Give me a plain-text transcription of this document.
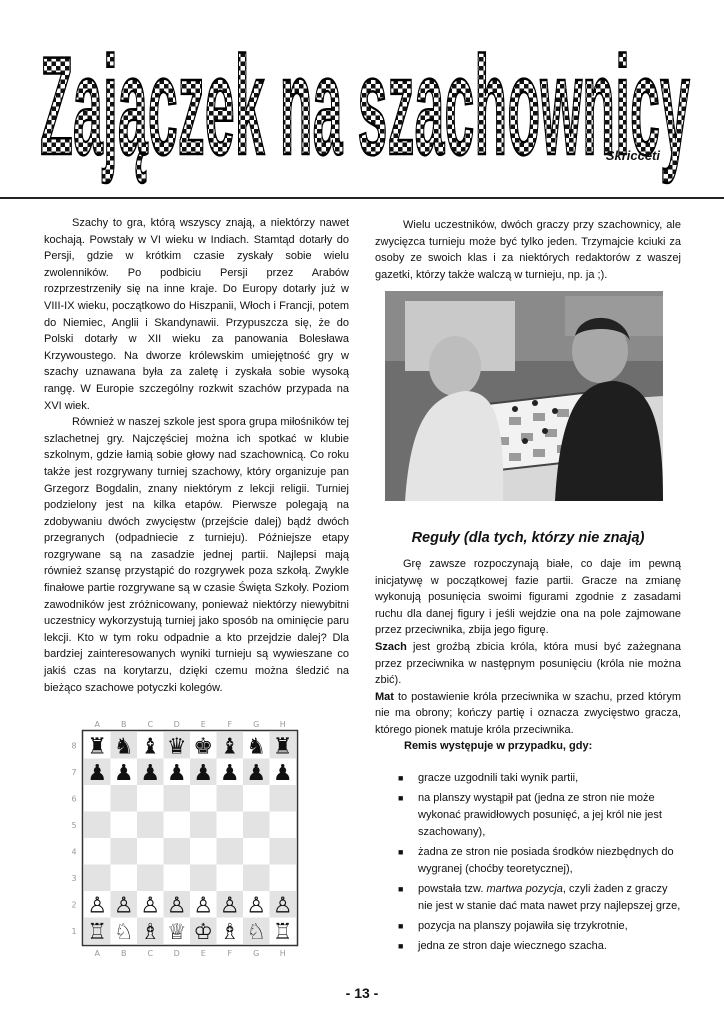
Zajączek na szachownicy
Skricceti

Szachy to gra, którą wszyscy znają, a niektórzy nawet kochają. Powstały w VI wieku w Indiach. Stamtąd dotarły do Persji, gdzie w krótkim czasie zyskały sobie wielu zwolenników. Po podbiciu Persji przez Arabów rozprzestrzeniły się na inne kraje. Do Europy dotarły już w VIII-IX wieku, początkowo do Hiszpanii, Włoch i Francji, potem do Niemiec, Anglii i Skandynawii. Przypuszcza się, że do Polski dotarły w XII wieku za panowania Bolesława Krzywoustego. Na dworze królewskim umiejętność gry w szachy uznawana była za zaletę i zyskała sobie wysoką rangę. W Europie szczególny rozkwit szachów przypada na XVI wiek.

Również w naszej szkole jest spora grupa miłośników tej szlachetnej gry. Najczęściej można ich spotkać w klubie szkolnym, gdzie łamią sobie głowy nad szachownicą. Co roku także jest rozgrywany turniej szachowy, który organizuje pan Grzegorz Bogdalin, znany niektórym z lekcji religii. Turniej podzielony jest na kilka etapów. Pierwsze polegają na zdobywaniu dwóch zwycięstw (przejście dalej) bądź dwóch przegranych (odpadniecie z turnieju). Późniejsze etapy rozgrywane są na zasadzie jednej partii. Najlepsi mają również szansę przystąpić do rozgrywek poza szkołą. Zwykle finałowe partie rozgrywane są w czasie Święta Szkoły. Poziom zawodników jest zróżnicowany, ponieważ niektórzy niewybitni uczestnicy wykorzystują turniej jako sposób na ominięcie paru lekcji. Kto w tym roku odpadnie a kto przejdzie dalej? Dla bardziej zainteresowanych wyniki turnieju są wywieszane co jakiś czas na korytarzu, dzięki czemu można śledzić na bieżąco szachowe potyczki kolegów.

A
A
B
B
C
C
D
D
E
E
F
F
G
G
H
H
8
7
6
5
4
3
2
1
♜ ♞ ♝ ♛ ♚ ♝ ♞ ♜
♟ ♟ ♟ ♟ ♟ ♟ ♟ ♟
♙ ♙ ♙ ♙ ♙ ♙ ♙ ♙
♖ ♘ ♗ ♕ ♔ ♗ ♘ ♖

Wielu uczestników, dwóch graczy przy szachownicy, ale zwycięzca turnieju może być tylko jeden. Trzymajcie kciuki za osoby ze swoich klas i za niektórych redaktorów z waszej gazetki, którzy także walczą w turnieju, np. ja ;).

Reguły (dla tych, którzy nie znają)

Grę zawsze rozpoczynają białe, co daje im pewną inicjatywę w początkowej fazie partii. Gracze na zmianę wykonują posunięcia swoimi figurami zgodnie z zasadami ruchu dla danej figury i jeśli wejdzie ona na pole zajmowane przez przeciwnika, zbija jego figurę.

Szach jest groźbą zbicia króla, która musi być zażegnana przez przeciwnika w następnym posunięciu (króla nie można zbić).

Mat to postawienie króla przeciwnika w szachu, przed którym nie ma obrony; kończy partię i oznacza zwycięstwo gracza, którego pionek matuje króla przeciwnika.

Remis występuje w przypadku, gdy:
■ gracze uzgodnili taki wynik partii,
■ na planszy wystąpił pat (jedna ze stron nie może wykonać prawidłowych posunięć, a jej król nie jest szachowany),
■ żadna ze stron nie posiada środków niezbędnych do wygranej (choćby teoretycznej),
■ powstała tzw. martwa pozycja, czyli żaden z graczy nie jest w stanie dać mata nawet przy najlepszej grze,
■ pozycja na planszy pojawiła się trzykrotnie,
■ jedna ze stron daje wiecznego szacha.
- 13 -
